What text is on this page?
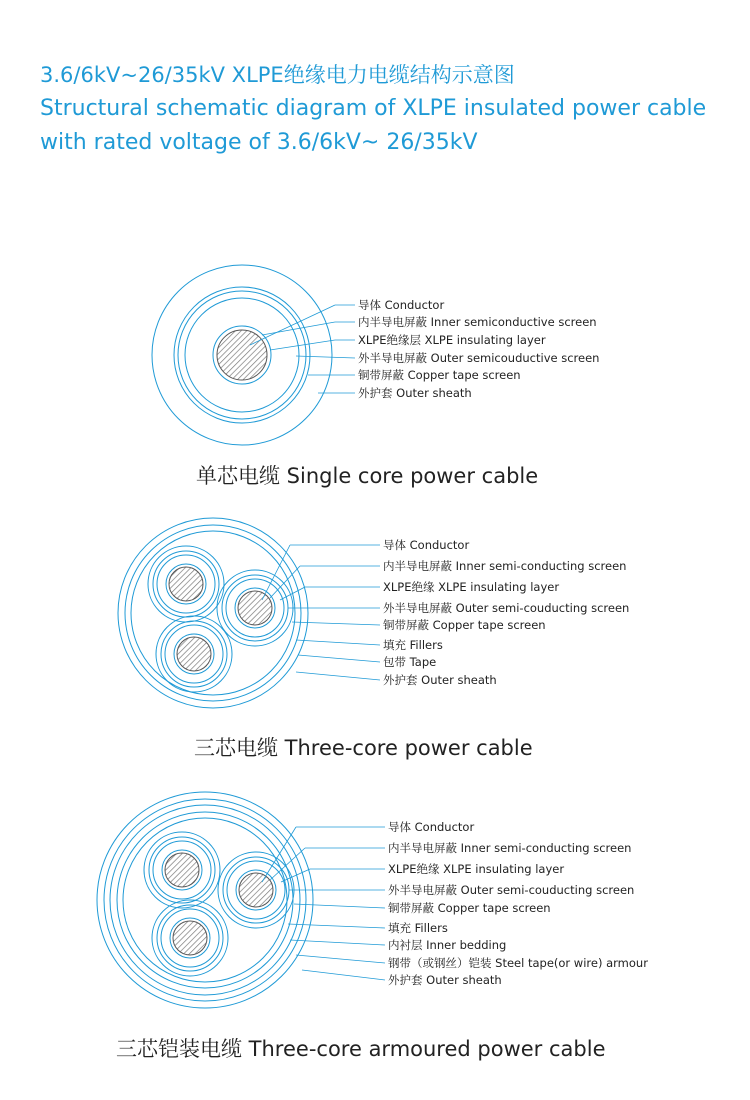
3.6/6kV~26/35kV XLPE绝缘电力电缆结构示意图
Structural schematic diagram of XLPE insulated power cable
with rated voltage of 3.6/6kV~ 26/35kV
导体 Conductor
内半导电屏蔽 Inner semiconductive screen
XLPE绝缘层 XLPE insulating layer
外半导电屏蔽 Outer semicouductive screen
铜带屏蔽 Copper tape screen
外护套 Outer sheath
单芯电缆 Single core power cable
导体 Conductor
内半导电屏蔽 Inner semi-conducting screen
XLPE绝缘 XLPE insulating layer
外半导电屏蔽 Outer semi-couducting screen
铜带屏蔽 Copper tape screen
填充 Fillers
包带 Tape
外护套 Outer sheath
三芯电缆 Three-core power cable
导体 Conductor
内半导电屏蔽 Inner semi-conducting screen
XLPE绝缘 XLPE insulating layer
外半导电屏蔽 Outer semi-couducting screen
铜带屏蔽 Copper tape screen
填充 Fillers
内衬层 Inner bedding
钢带（或钢丝）铠装 Steel tape(or wire) armour
外护套 Outer sheath
三芯铠装电缆 Three-core armoured power cable
